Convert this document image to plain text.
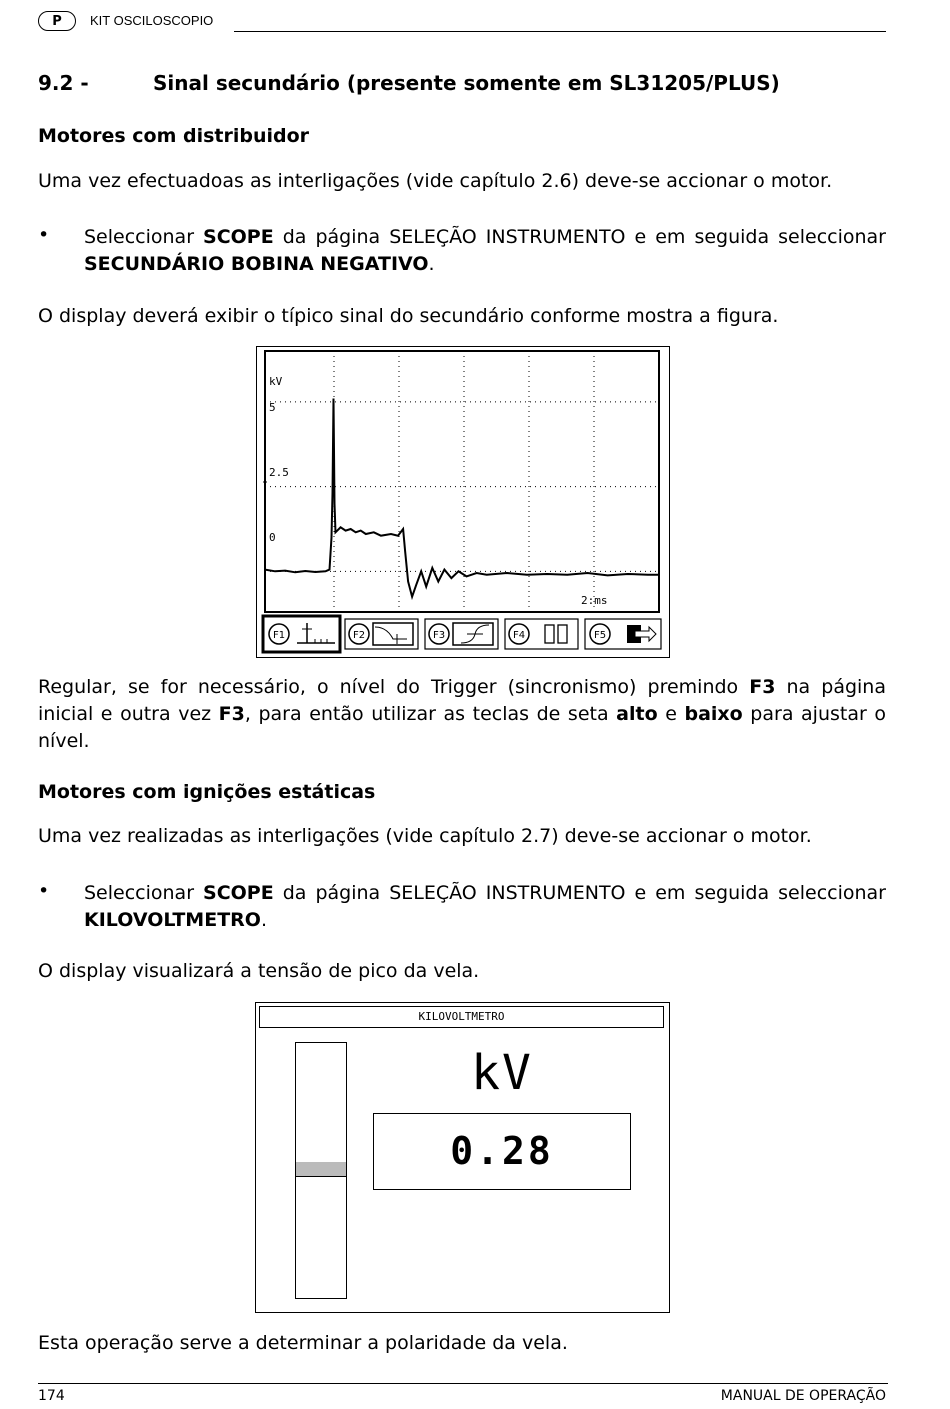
P	KIT OSCILOSCOPIO
9.2 -	Sinal secundário (presente somente em SL31205/PLUS)
Motores com distribuidor
Uma vez efectuadoas as interligações (vide capítulo 2.6) deve-se accionar o motor.
• Seleccionar SCOPE da página SELEÇÃO INSTRUMENTO e em seguida seleccionar SECUNDÁRIO BOBINA NEGATIVO.
O display deverá exibir o típico sinal do secundário conforme mostra a figura.
kV
5
2.5
0
2:ms
F1	F2	F3	F4	F5
Regular, se for necessário, o nível do Trigger (sincronismo) premindo F3 na página inicial e outra vez F3, para então utilizar as teclas de seta alto e baixo para ajustar o nível.
Motores com ignições estáticas
Uma vez realizadas as interligações (vide capítulo 2.7) deve-se accionar o motor.
• Seleccionar SCOPE da página SELEÇÃO INSTRUMENTO e em seguida seleccionar KILOVOLTMETRO.
O display visualizará a tensão de pico da vela.
KILOVOLTMETRO
kV
0.28
Esta operação serve a determinar a polaridade da vela.
174	MANUAL DE OPERAÇÃO
